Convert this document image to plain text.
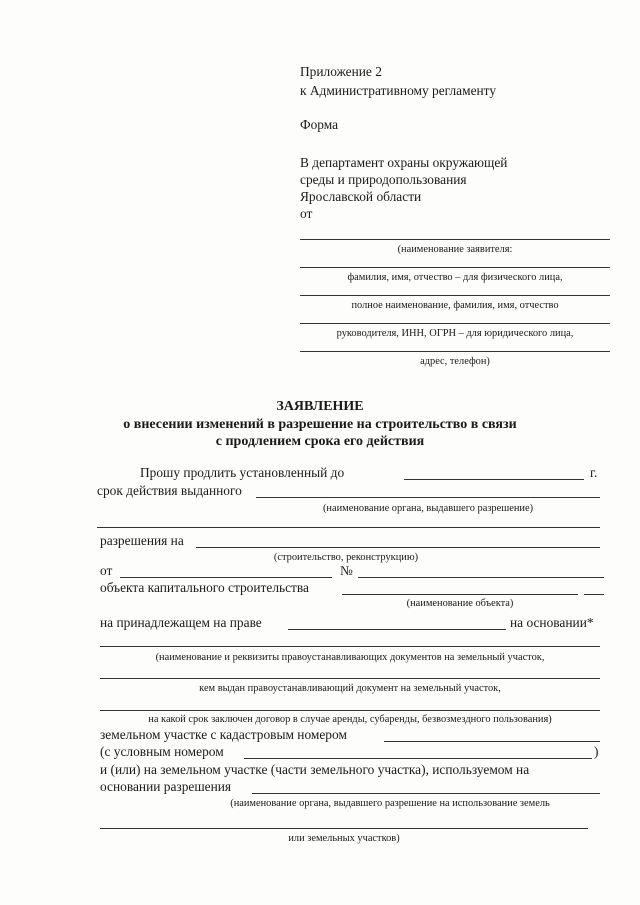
Приложение 2
к Административному регламенту
Форма
В департамент охраны окружающей
среды и природопользования
Ярославской области
от
(наименование заявителя:
фамилия, имя, отчество – для физического лица,
полное наименование, фамилия, имя, отчество
руководителя, ИНН, ОГРН – для юридического лица,
адрес, телефон)
ЗАЯВЛЕНИЕ
о внесении изменений в разрешение на строительство в связи
с продлением срока его действия
Прошу продлить установленный до	г.
срок действия выданного
(наименование органа, выдавшего разрешение)
разрешения на
(строительство, реконструкцию)
от	№
объекта капитального строительства
(наименование объекта)
на принадлежащем на праве	на основании*
(наименование и реквизиты правоустанавливающих документов на земельный участок,
кем выдан правоустанавливающий документ на земельный участок,
на какой срок заключен договор в случае аренды, субаренды, безвозмездного пользования)
земельном участке с кадастровым номером
(с условным номером	)
и (или) на земельном участке (части земельного участка), используемом на
основании разрешения
(наименование органа, выдавшего разрешение на использование земель
или земельных участков)
